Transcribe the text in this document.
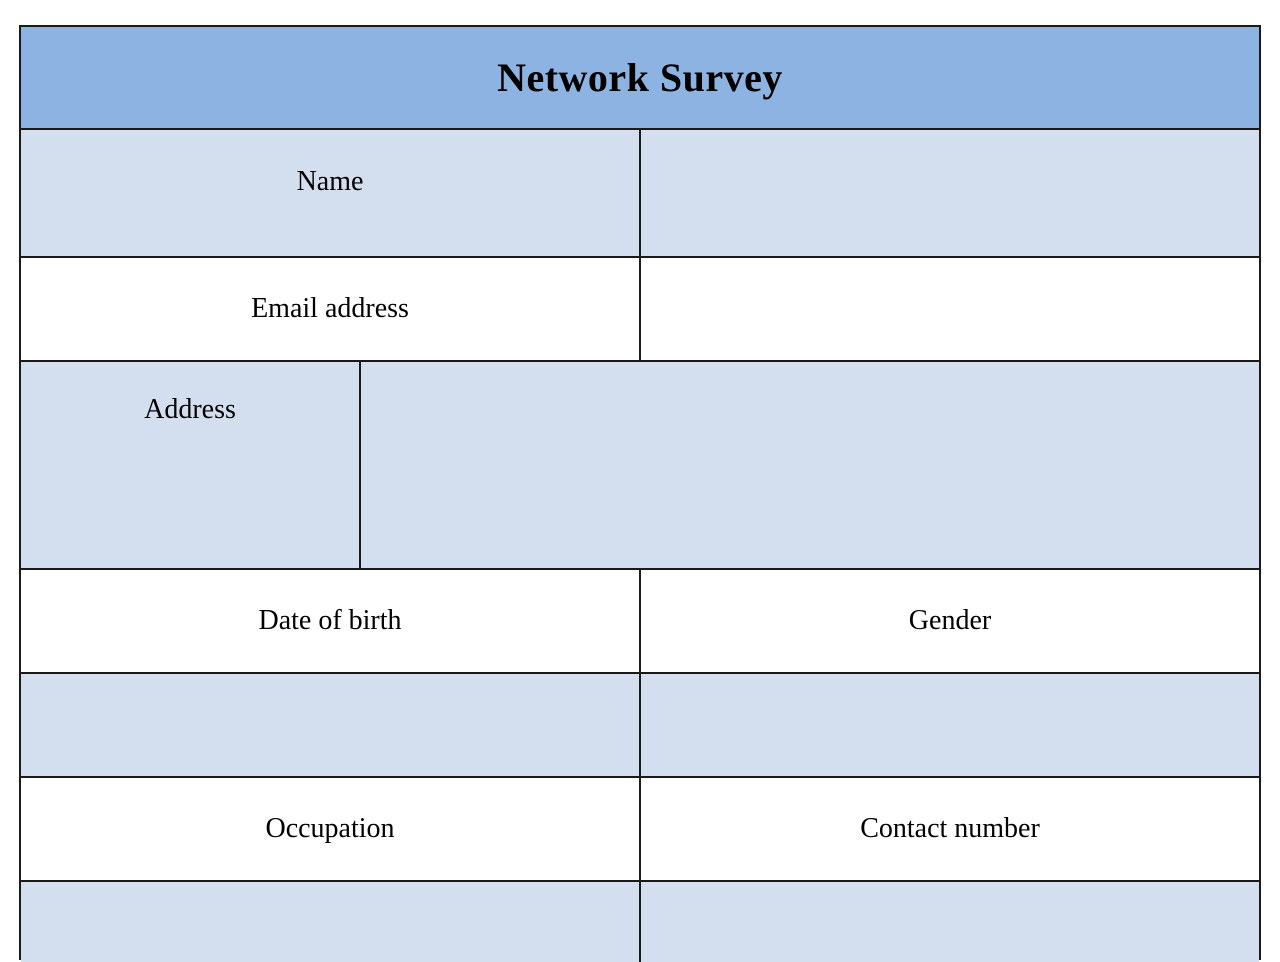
Network Survey
Name
Email address
Address
Date of birth	Gender
Occupation	Contact number
